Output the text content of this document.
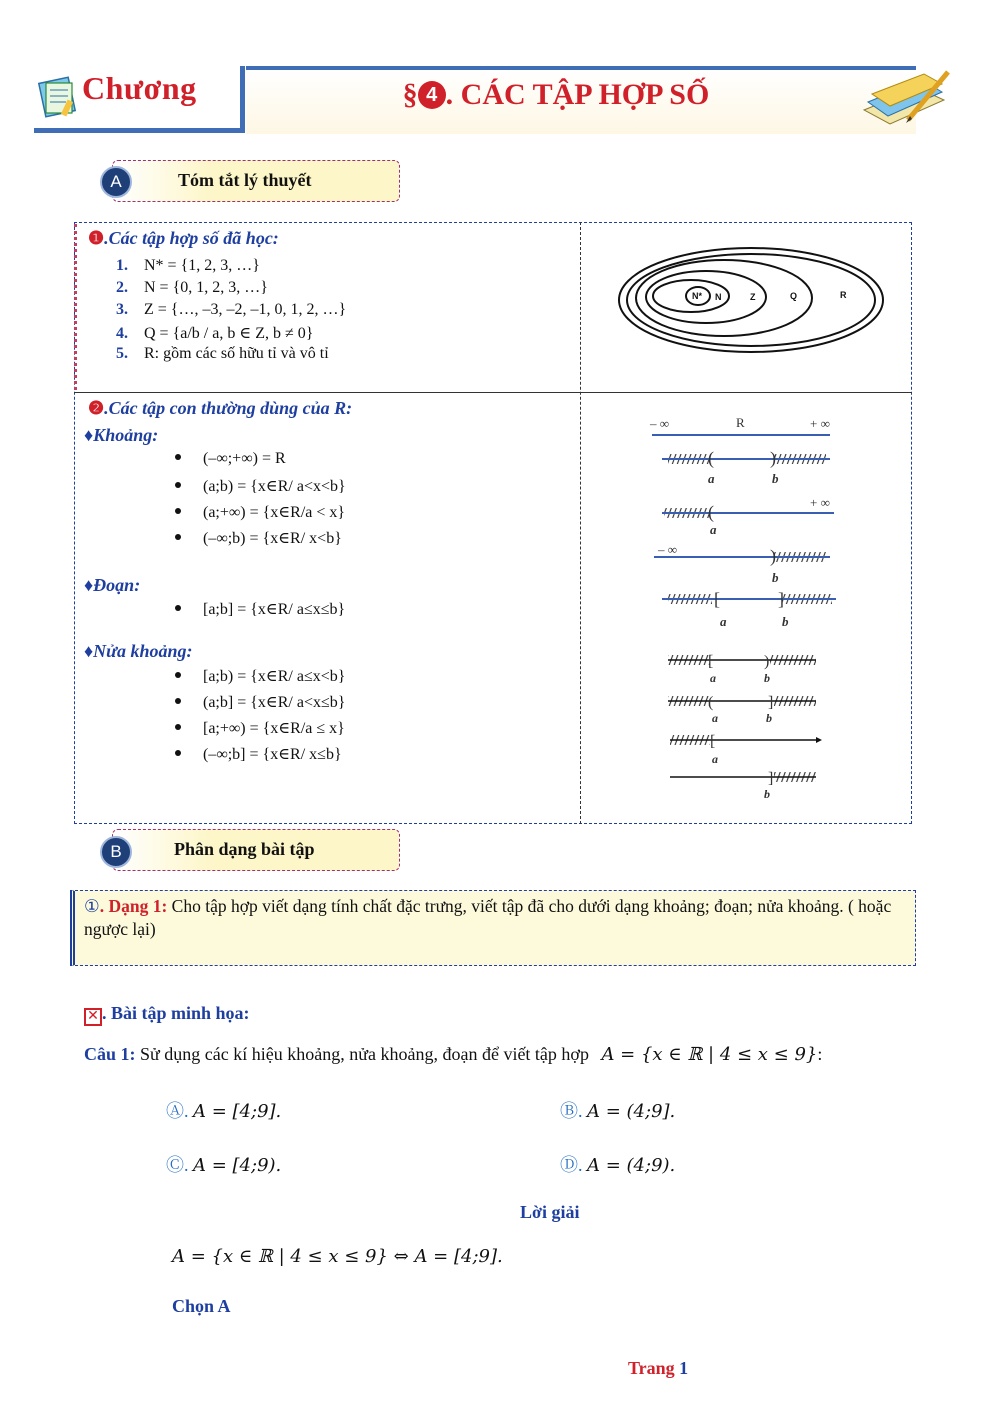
Chương	§ 4 . CÁC TẬP HỢP SỐ
A	Tóm tắt lý thuyết
❶.Các tập hợp số đã học:
1. N* = {1, 2, 3, …}
2. N = {0, 1, 2, 3, …}
3. Z = {…, –3, –2, –1, 0, 1, 2, …}
4. Q = {a/b / a, b ∈ Z, b ≠ 0}
5. R: gồm các số hữu tỉ và vô tỉ
N* N	Z	Q	R
❷.Các tập con thường dùng của R:
♦Khoảng:
(–∞;+∞) = R
(a;b) = {x∈R/ a<x<b}
(a;+∞) = {x∈R/a < x}
(–∞;b) = {x∈R/ x<b}
♦Đoạn:
[a;b] = {x∈R/ a≤x≤b}
♦Nửa khoảng:
[a;b) = {x∈R/ a≤x<b}
(a;b] = {x∈R/ a<x≤b}
[a;+∞) = {x∈R/a ≤ x}
(–∞;b] = {x∈R/ x≤b}
– ∞	R	+ ∞
(	)
a	b
+ ∞
(
a
– ∞	)
b
[	]
a	b
[	)
a	b
(	]
a	b
[
a
]
b
B	Phân dạng bài tập
①. Dạng 1: Cho tập hợp viết dạng tính chất đặc trưng, viết tập đã cho dưới dạng khoảng; đoạn; nửa khoảng. ( hoặc ngược lại)
✕ . Bài tập minh họa:
Câu 1: Sử dụng các kí hiệu khoảng, nửa khoảng, đoạn để viết tập hợp A = {x ∈ ℝ | 4 ≤ x ≤ 9}:
Ⓐ. A = [4;9].	Ⓑ. A = (4;9].
Ⓒ. A = [4;9).	Ⓓ. A = (4;9).
Lời giải
A = {x ∈ ℝ | 4 ≤ x ≤ 9} ⇔ A = [4;9].
Chọn A
Trang 1
